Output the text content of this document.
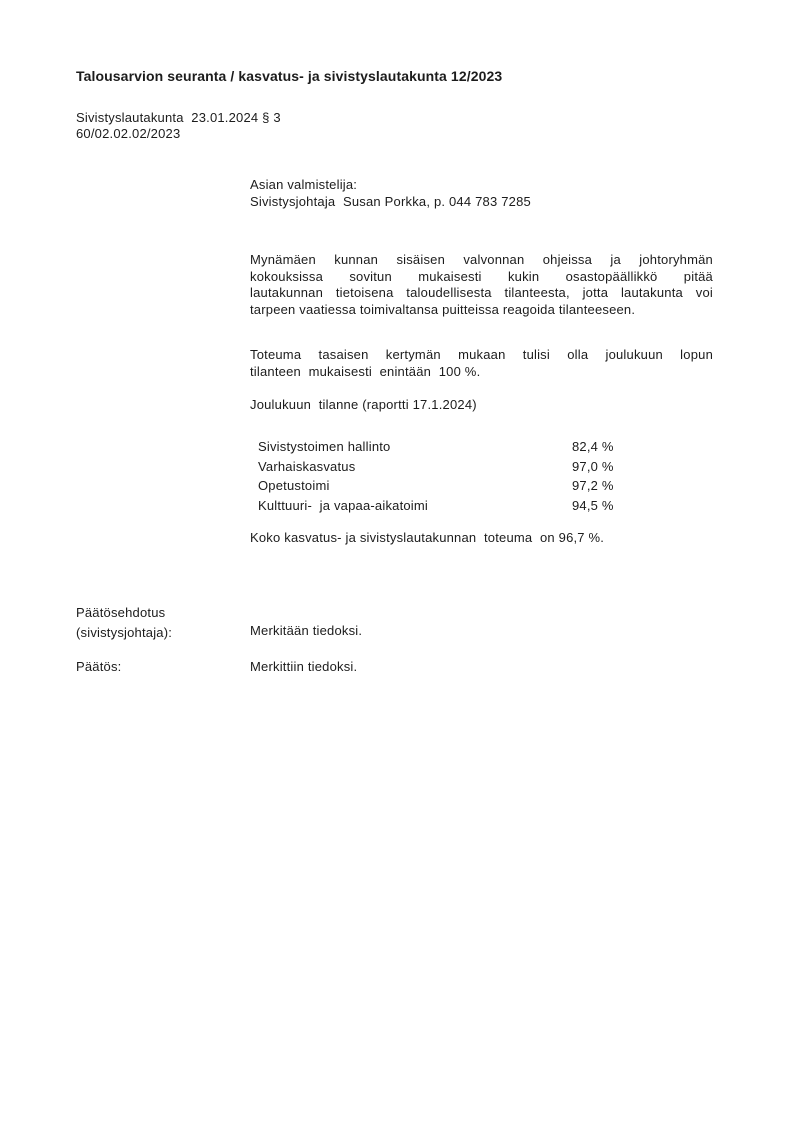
Talousarvion seuranta / kasvatus- ja sivistyslautakunta 12/2023
Sivistyslautakunta  23.01.2024 § 3
60/02.02.02/2023
Asian valmistelija:
Sivistysjohtaja  Susan Porkka, p. 044 783 7285
Mynämäen kunnan sisäisen valvonnan ohjeissa ja johtoryhmän
kokouksissa sovitun mukaisesti kukin osastopäällikkö pitää
lautakunnan tietoisena taloudellisesta tilanteesta, jotta lautakunta voi
tarpeen vaatiessa toimivaltansa puitteissa reagoida tilanteeseen.
Toteuma tasaisen kertymän mukaan tulisi olla joulukuun lopun
tilanteen  mukaisesti  enintään  100 %.
Joulukuun  tilanne (raportti 17.1.2024)
Sivistystoimen hallinto	82,4 %
Varhaiskasvatus	97,0 %
Opetustoimi	97,2 %
Kulttuuri-  ja vapaa-aikatoimi	94,5 %
Koko kasvatus- ja sivistyslautakunnan  toteuma  on 96,7 %.
Päätösehdotus
(sivistysjohtaja):	Merkitään tiedoksi.
Päätös:	Merkittiin tiedoksi.
